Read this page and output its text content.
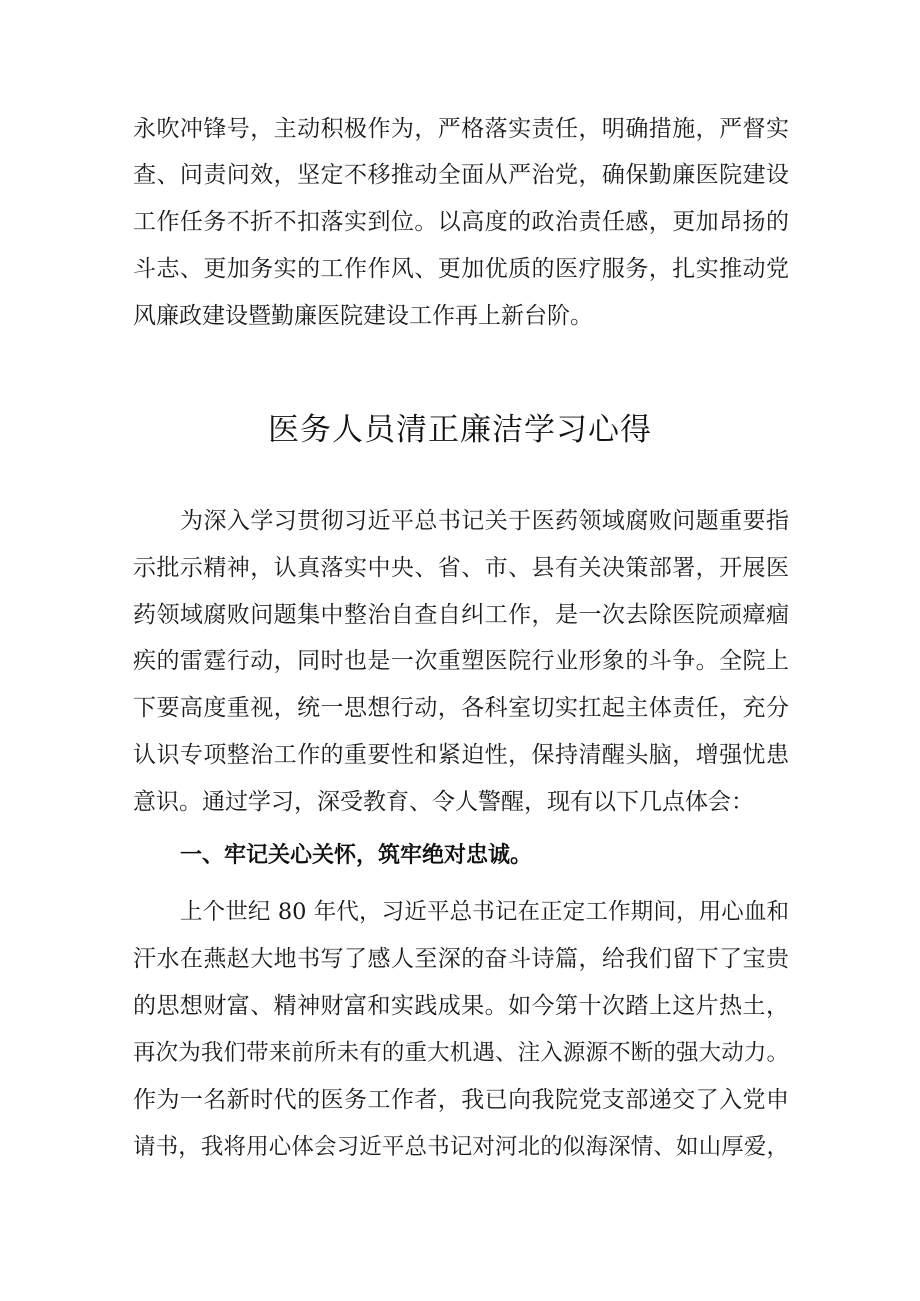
永吹冲锋号，主动积极作为，严格落实责任，明确措施，严督实
查、问责问效，坚定不移推动全面从严治党，确保勤廉医院建设
工作任务不折不扣落实到位。以高度的政治责任感，更加昂扬的
斗志、更加务实的工作作风、更加优质的医疗服务，扎实推动党
风廉政建设暨勤廉医院建设工作再上新台阶。
医务人员清正廉洁学习心得
为深入学习贯彻习近平总书记关于医药领域腐败问题重要指
示批示精神，认真落实中央、省、市、县有关决策部署，开展医
药领域腐败问题集中整治自查自纠工作，是一次去除医院顽瘴痼
疾的雷霆行动，同时也是一次重塑医院行业形象的斗争。全院上
下要高度重视，统一思想行动，各科室切实扛起主体责任，充分
认识专项整治工作的重要性和紧迫性，保持清醒头脑，增强忧患
意识。通过学习，深受教育、令人警醒，现有以下几点体会：
一、牢记关心关怀，筑牢绝对忠诚。
上个世纪 80 年代，习近平总书记在正定工作期间，用心血和
汗水在燕赵大地书写了感人至深的奋斗诗篇，给我们留下了宝贵
的思想财富、精神财富和实践成果。如今第十次踏上这片热土，
再次为我们带来前所未有的重大机遇、注入源源不断的强大动力。
作为一名新时代的医务工作者，我已向我院党支部递交了入党申
请书，我将用心体会习近平总书记对河北的似海深情、如山厚爱，
